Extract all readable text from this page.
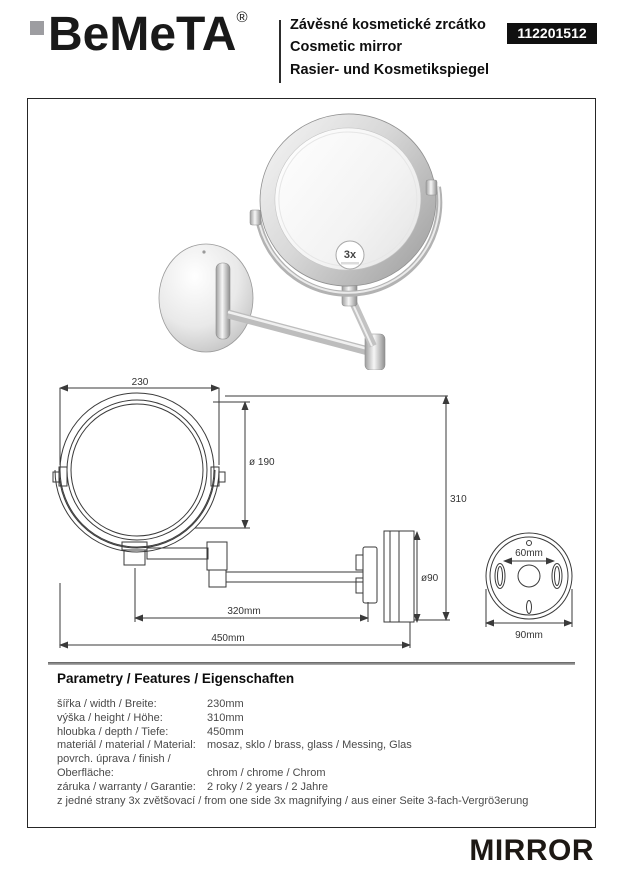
BeMeTA®	Závěsné kosmetické zrcátko
Cosmetic mirror
Rasier- und Kosmetikspiegel
112201512
3x
230
ø 190
310
ø90
320mm
450mm
60mm
90mm
Parametry / Features / Eigenschaften
šířka / width / Breite:	230mm
výška / height / Höhe:	310mm
hloubka / depth / Tiefe:	450mm
materiál / material / Material: mosaz, sklo / brass, glass / Messing, Glas
povrch. úprava / finish / Oberfläche:	chrom / chrome / Chrom
záruka / warranty / Garantie: 2 roky / 2 years / 2 Jahre
z jedné strany 3x zvětšovací / from one side 3x magnifying / aus einer Seite 3-fach-Vergrö3erung
MIRROR
